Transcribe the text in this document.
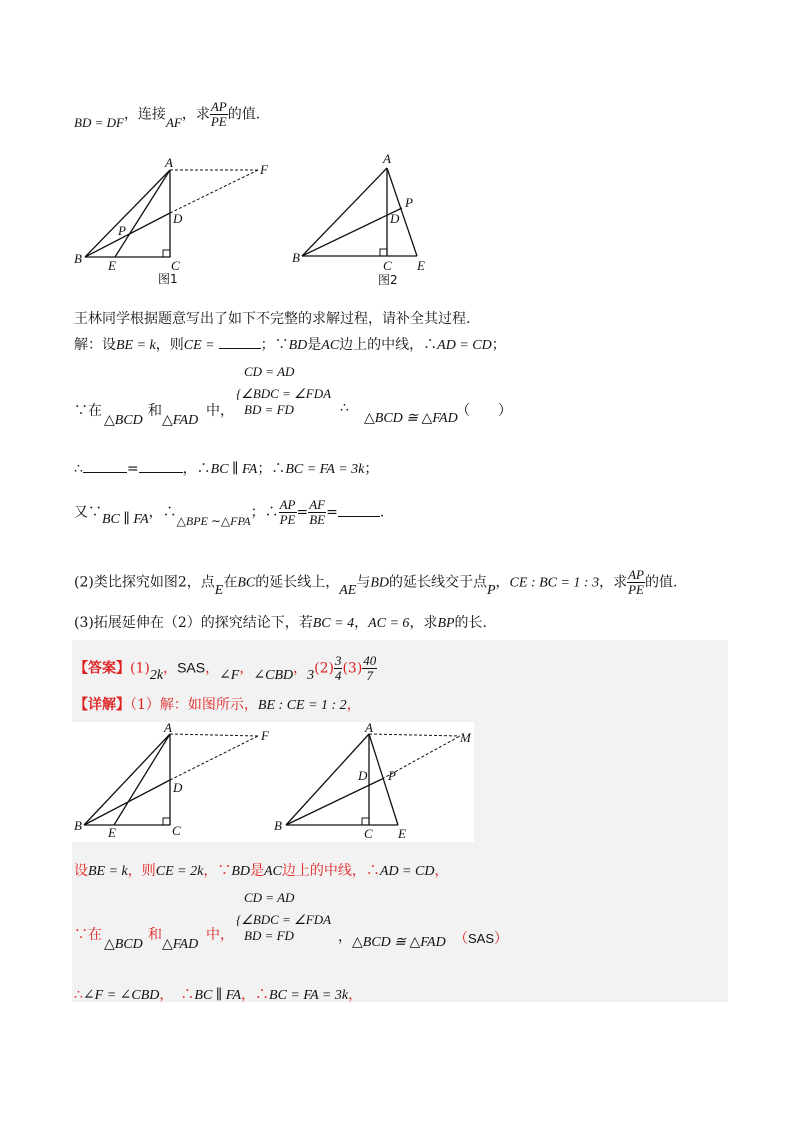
BD = DF，连接AF，求 $\frac{AP}{PE}$ 的值.
A	F
D
P
B E	C
图1
A
P
D
B
C E
图2
王林同学根据题意写出了如下不完整的求解过程，请补全其过程.
解：设BE = k，则CE =	；∵BD是AC边上的中线，∴AD = CD；
∵在
△BCD
和
△FAD
中，
CD = AD
{∠BDC = ∠FDA
BD = FD	∴
△BCD ≅ △FAD
（　　）
∴	=	，∴BC ∥ FA；∴BC = FA = 3k；
又∵BC ∥ FA，∴△BPE ∼△FPA；∴ $\frac{AP}{PE} = \frac{AF}{BE}$ =	.
(2)类比探究如图2，点E在BC的延长线上，AE与BD的延长线交于点P，CE : BC = 1 : 3，求 $\frac{AP}{PE}$ 的值.
(3)拓展延伸在（2）的探究结论下，若BC = 4，AC = 6，求BP的长.
【答案】(1)2k，SAS，∠F，∠CBD，$3(2) \frac{3}{4} (3) \frac{40}{7}$
【详解】（1）解：如图所示，BE : CE = 1 : 2，
A
F
D
B E	C
A
M
D P
B
C E
设BE = k，则CE = 2k，∵BD是AC边上的中线，∴AD = CD，
∵在
△BCD
和
△FAD
中，
CD = AD
{∠BDC = ∠FDA
BD = FD	， △BCD ≅ △FAD （SAS）
∴∠F = ∠CBD，　∴BC ∥ FA，∴BC = FA = 3k，
